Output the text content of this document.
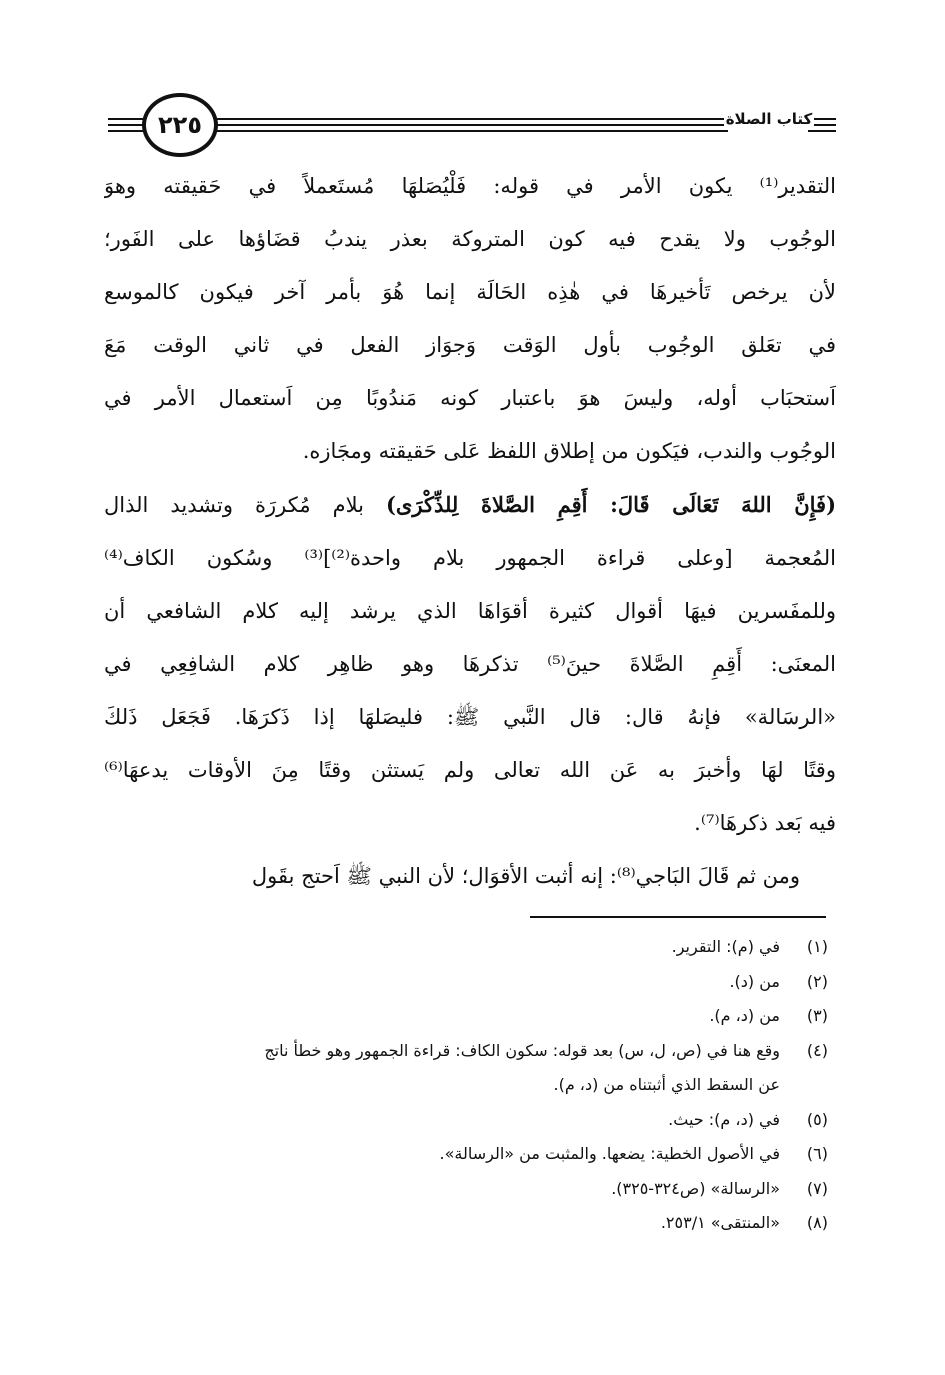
٢٢٥	كتاب الصلاة

التقدير⁽¹⁾ يكون الأمر في قوله: فَلْيُصَلهَا مُستَعملاً في حَقيقته وهوَ
الوجُوب ولا يقدح فيه كون المتروكة بعذر يندبُ قضَاؤها على الفَور؛
لأن يرخص تَأخيرهَا في هٰذِه الحَالَة إنما هُوَ بأمر آخر فيكون كالموسع
في تعَلق الوجُوب بأول الوَقت وَجوَاز الفعل في ثاني الوقت مَعَ
اَستحبَاب أوله، وليسَ هوَ باعتبار كونه مَندُوبًا مِن اَستعمال الأمر في
الوجُوب والندب، فيَكون من إطلاق اللفظ عَلى حَقيقته ومجَازه.

(فَإِنَّ اللهَ تَعَالَى قَالَ: أَقِمِ الصَّلاةَ لِلذِّكْرَى) بلام مُكررَة وتشديد الذال
المُعجمة [وعلى قراءة الجمهور بلام واحدة⁽²⁾]⁽³⁾ وسُكون الكاف⁽⁴⁾
وللمفَسرين فيهَا أقوال كثيرة أقوَاهَا الذي يرشد إليه كلام الشافعي أن
المعنَى: أَقِمِ الصَّلاةَ حينَ⁽⁵⁾ تذكرهَا وهو ظاهِر كلام الشافِعِي في
«الرسَالة» فإنهُ قال: قال النَّبي ﷺ: فليصَلهَا إذا ذَكرَهَا. فَجَعَل ذَلكَ
وقتًا لهَا وأخبرَ به عَن الله تعالى ولم يَستثن وقتًا مِنَ الأوقات يدعهَا⁽⁶⁾
فيه بَعد ذكرهَا⁽⁷⁾.

ومن ثم قَالَ البَاجي⁽⁸⁾: إنه أثبت الأقوَال؛ لأن النبي ﷺ اَحتج بقَول

(١)
في (م): التقرير.
(٢)
من (د).
(٣)
من (د، م).
(٤)
وقع هنا في (ص، ل، س) بعد قوله: سكون الكاف: قراءة الجمهور وهو خطأ ناتج
عن السقط الذي أثبتناه من (د، م).
(٥)
في (د، م): حيث.
(٦)
في الأصول الخطية: يضعها. والمثبت من «الرسالة».
(٧)
«الرسالة» (ص٣٢٤-٣٢٥).
(٨)
«المنتقى» ٢٥٣/١.
